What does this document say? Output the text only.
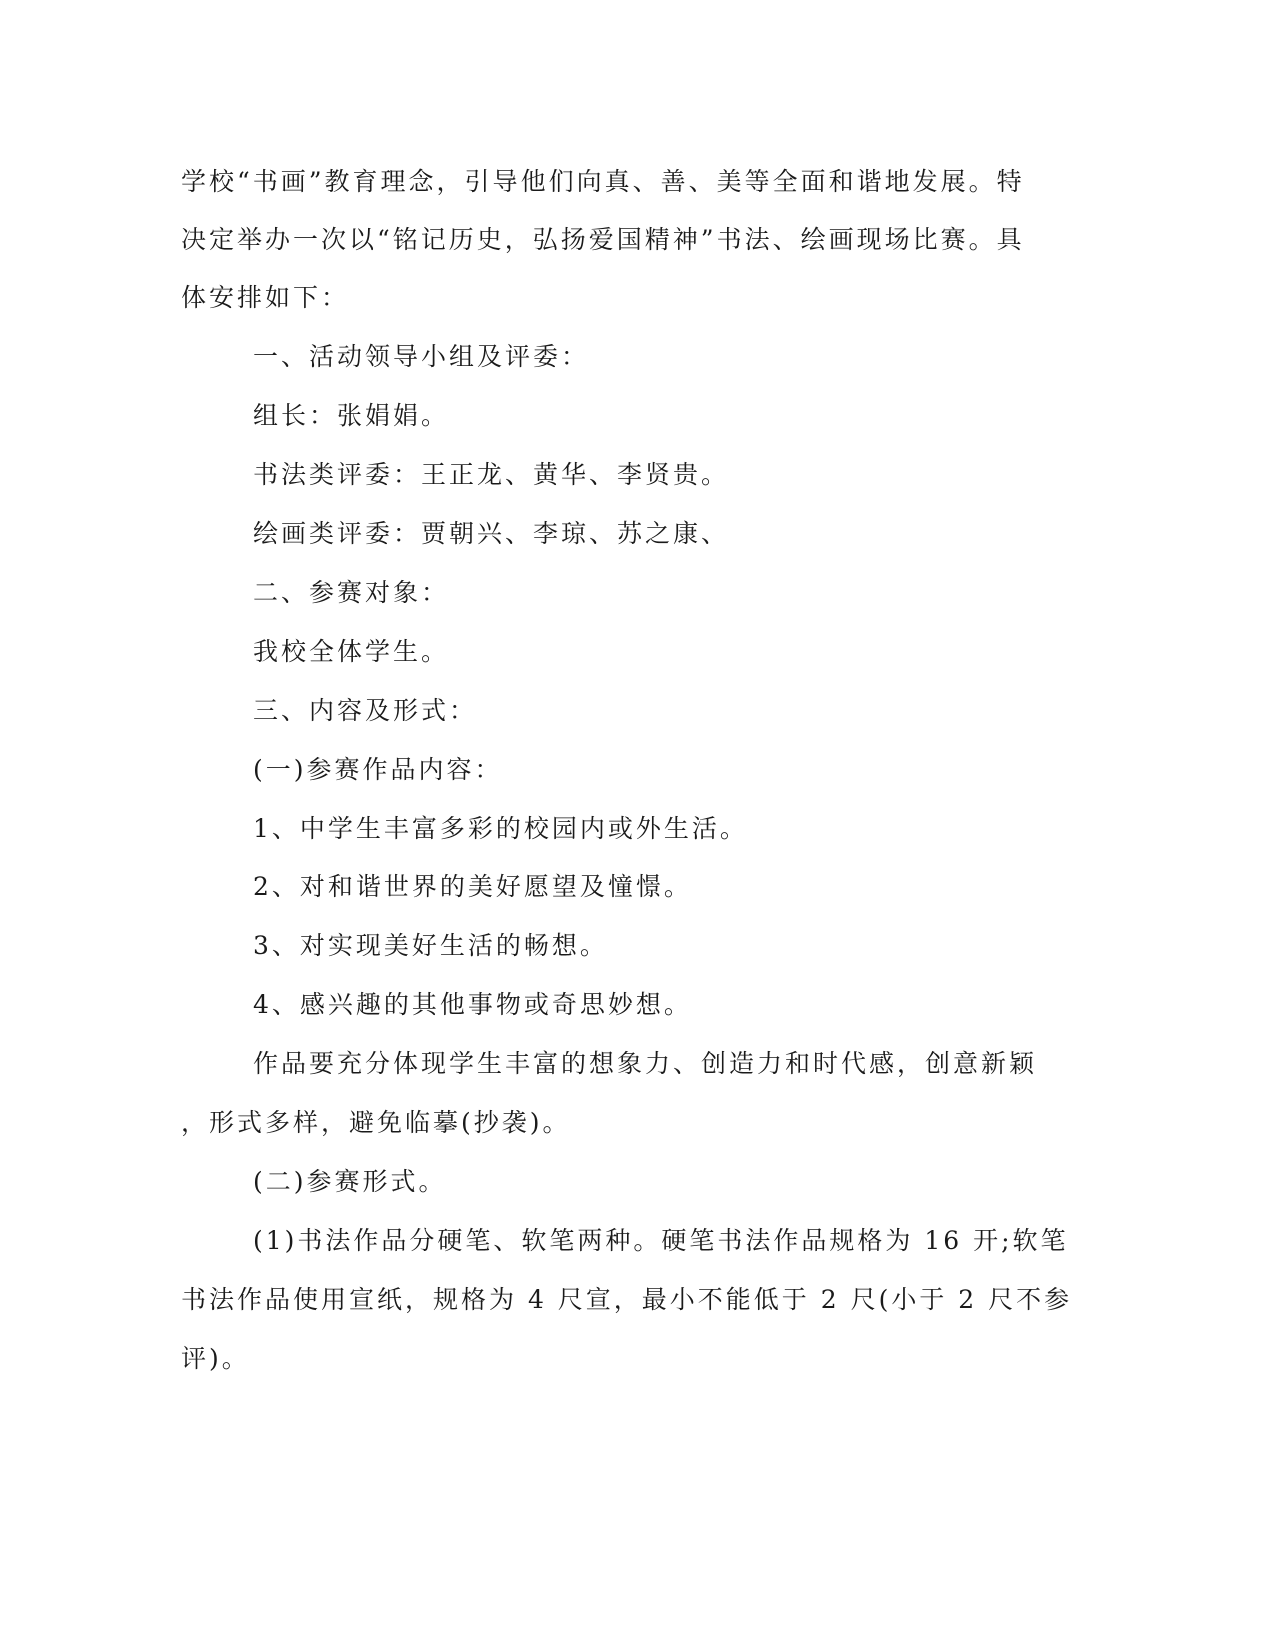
学校“书画”教育理念，引导他们向真、善、美等全面和谐地发展。特
决定举办一次以“铭记历史，弘扬爱国精神”书法、绘画现场比赛。具
体安排如下：
一、活动领导小组及评委：
组长：张娟娟。
书法类评委：王正龙、黄华、李贤贵。
绘画类评委：贾朝兴、李琼、苏之康、
二、参赛对象：
我校全体学生。
三、内容及形式：
(一)参赛作品内容：
1、中学生丰富多彩的校园内或外生活。
2、对和谐世界的美好愿望及憧憬。
3、对实现美好生活的畅想。
4、感兴趣的其他事物或奇思妙想。
作品要充分体现学生丰富的想象力、创造力和时代感，创意新颖
，形式多样，避免临摹(抄袭)。
(二)参赛形式。
(1)书法作品分硬笔、软笔两种。硬笔书法作品规格为 16 开;软笔
书法作品使用宣纸，规格为 4 尺宣，最小不能低于 2 尺(小于 2 尺不参
评)。
